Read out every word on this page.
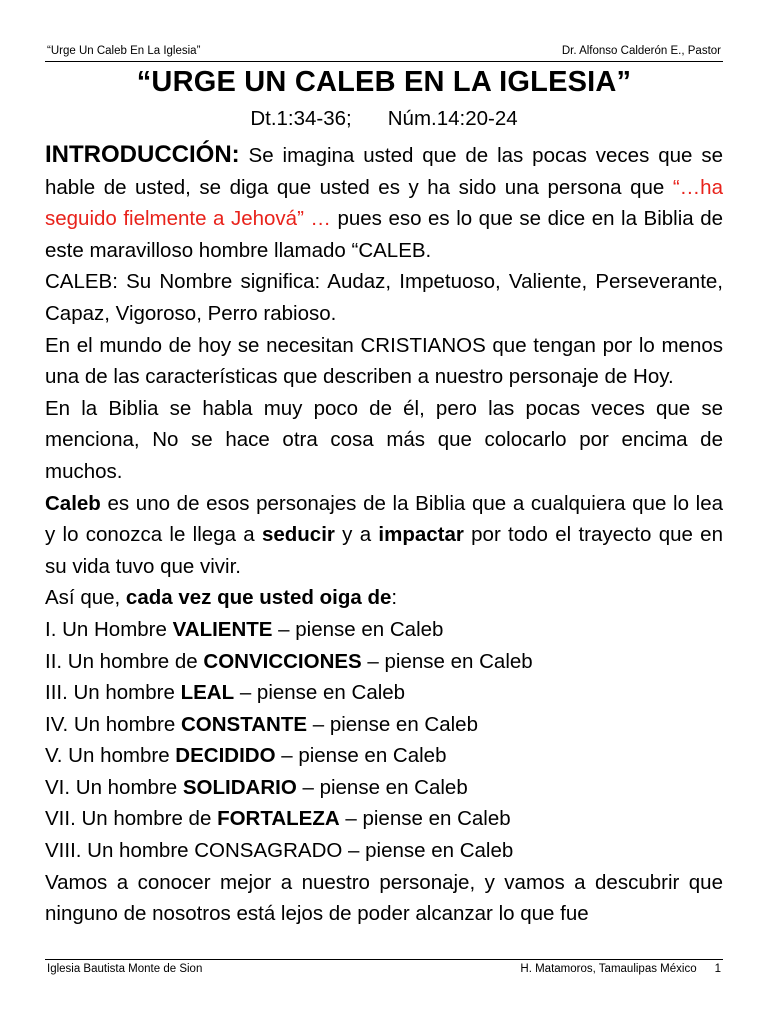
“Urge Un Caleb En La Iglesia”	Dr. Alfonso Calderón E., Pastor
“URGE UN CALEB EN LA IGLESIA”
Dt.1:34-36; Núm.14:20-24

INTRODUCCIÓN: Se imagina usted que de las pocas veces que se hable de usted, se diga que usted es y ha sido una persona que “…ha seguido fielmente a Jehová” … pues eso es lo que se dice en la Biblia de este maravilloso hombre llamado “CALEB.

CALEB: Su Nombre significa: Audaz, Impetuoso, Valiente, Perseverante, Capaz, Vigoroso, Perro rabioso.

En el mundo de hoy se necesitan CRISTIANOS que tengan por lo menos una de las características que describen a nuestro personaje de Hoy.

En la Biblia se habla muy poco de él, pero las pocas veces que se menciona, No se hace otra cosa más que colocarlo por encima de muchos.

Caleb es uno de esos personajes de la Biblia que a cualquiera que lo lea y lo conozca le llega a seducir y a impactar por todo el trayecto que en su vida tuvo que vivir.

Así que, cada vez que usted oiga de:

I. Un Hombre VALIENTE – piense en Caleb

II. Un hombre de CONVICCIONES – piense en Caleb

III. Un hombre LEAL – piense en Caleb

IV. Un hombre CONSTANTE – piense en Caleb

V. Un hombre DECIDIDO – piense en Caleb

VI. Un hombre SOLIDARIO – piense en Caleb

VII. Un hombre de FORTALEZA – piense en Caleb

VIII. Un hombre CONSAGRADO – piense en Caleb

Vamos a conocer mejor a nuestro personaje, y vamos a descubrir que ninguno de nosotros está lejos de poder alcanzar lo que fue

Iglesia Bautista Monte de Sion	H. Matamoros, Tamaulipas México 1
